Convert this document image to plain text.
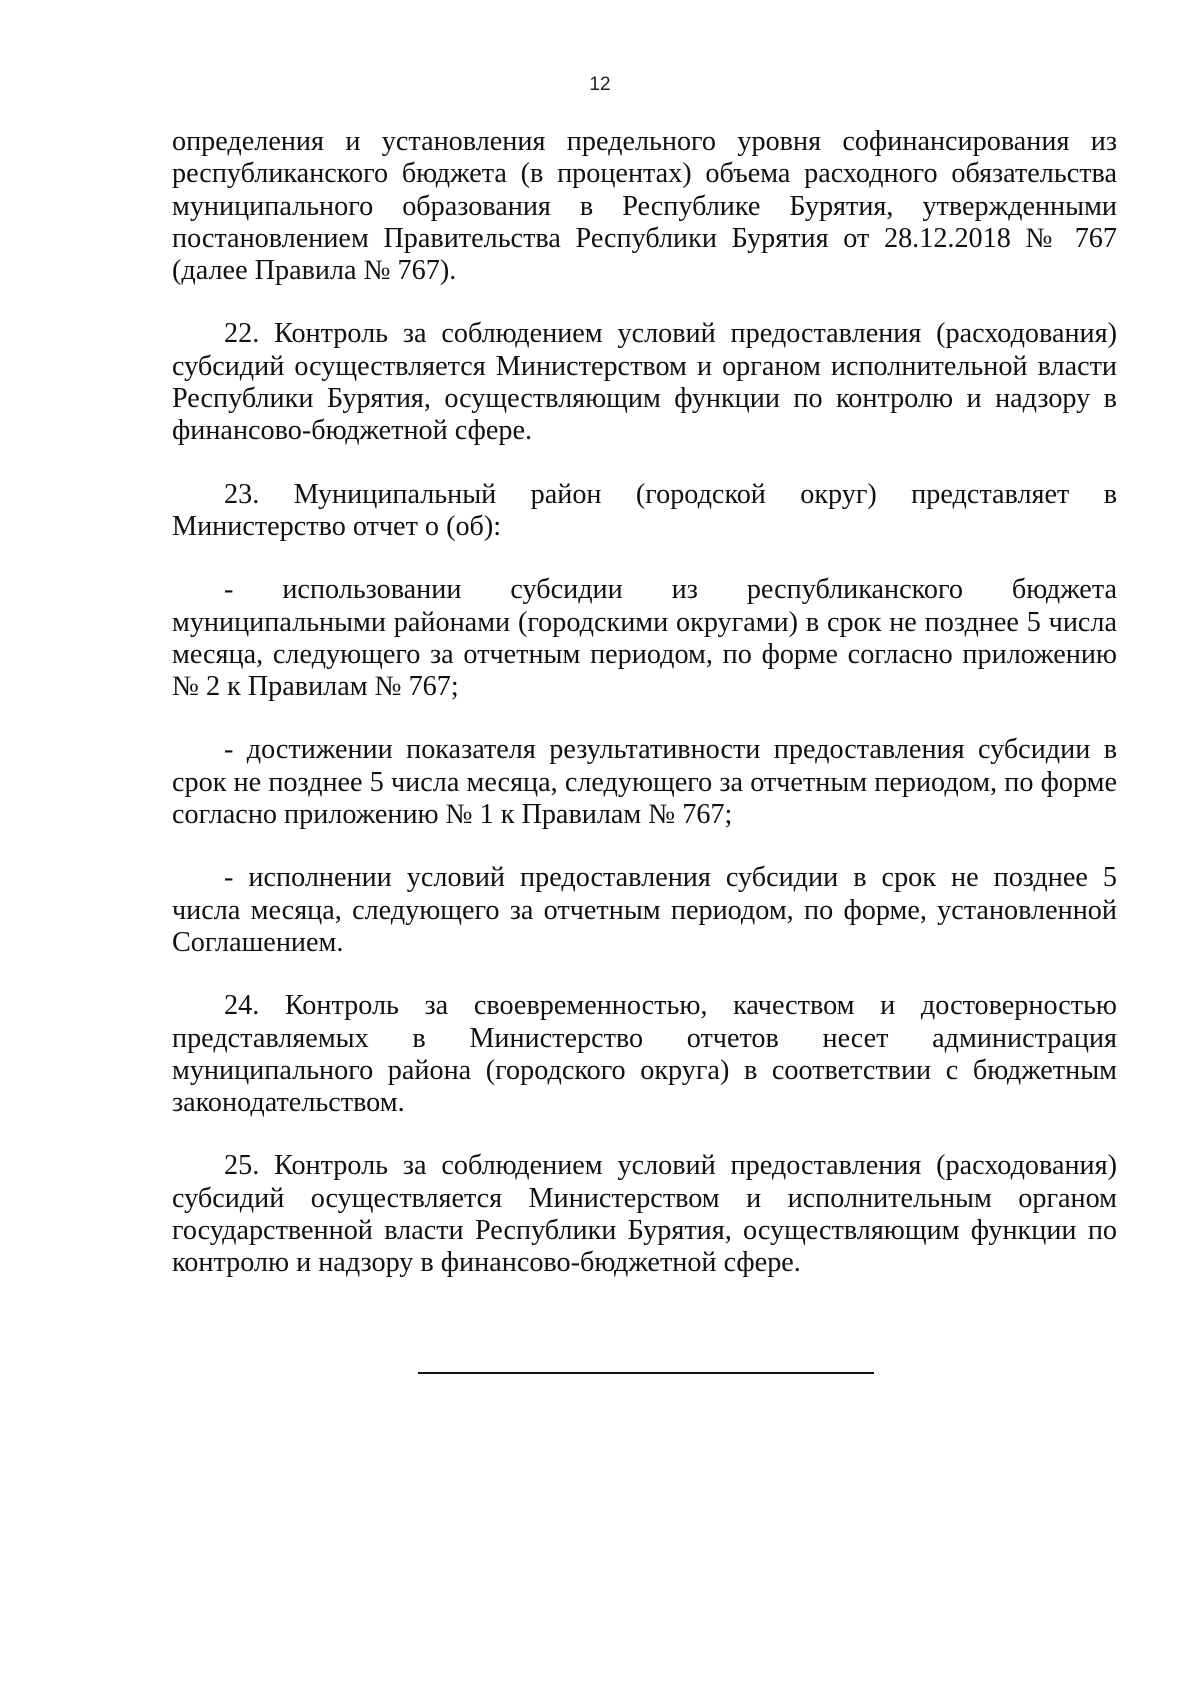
12

определения и установления предельного уровня софинансирования из республиканского бюджета (в процентах) объема расходного обязательства муниципального образования в Республике Бурятия, утвержденными постановлением Правительства Республики Бурятия от 28.12.2018 № 767 (далее Правила № 767).

22. Контроль за соблюдением условий предоставления (расходования) субсидий осуществляется Министерством и органом исполнительной власти Республики Бурятия, осуществляющим функции по контролю и надзору в финансово-бюджетной сфере.

23. Муниципальный район (городской округ) представляет в Министерство отчет о (об):

- использовании субсидии из республиканского бюджета муниципальными районами (городскими округами) в срок не позднее 5 числа месяца, следующего за отчетным периодом, по форме согласно приложению № 2 к Правилам № 767;

- достижении показателя результативности предоставления субсидии в срок не позднее 5 числа месяца, следующего за отчетным периодом, по форме согласно приложению № 1 к Правилам № 767;

- исполнении условий предоставления субсидии в срок не позднее 5 числа месяца, следующего за отчетным периодом, по форме, установленной Соглашением.

24. Контроль за своевременностью, качеством и достоверностью представляемых в Министерство отчетов несет администрация муниципального района (городского округа) в соответствии с бюджетным законодательством.

25. Контроль за соблюдением условий предоставления (расходования) субсидий осуществляется Министерством и исполнительным органом государственной власти Республики Бурятия, осуществляющим функции по контролю и надзору в финансово-бюджетной сфере.
